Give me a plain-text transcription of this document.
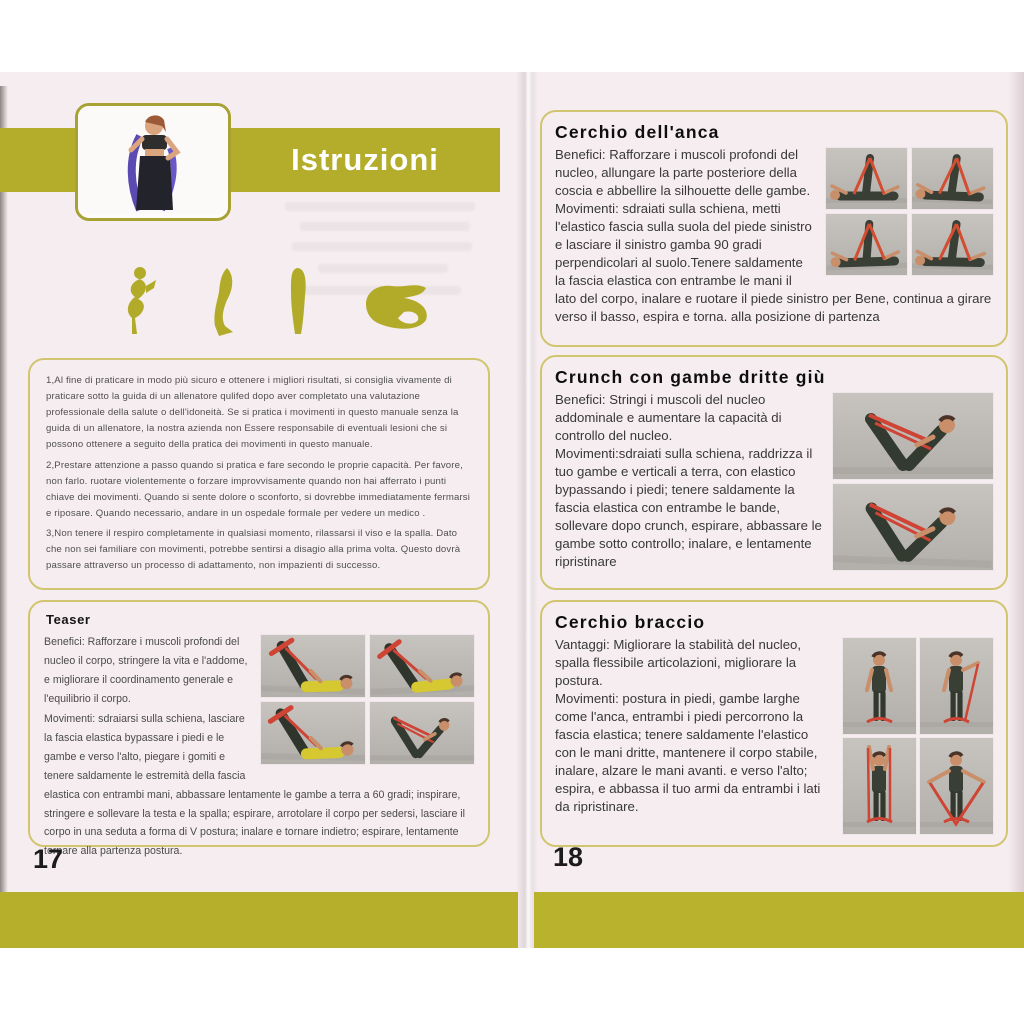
Istruzioni

1,Al fine di praticare in modo più sicuro e ottenere i migliori risultati, si consiglia vivamente di praticare sotto la guida di un allenatore qulifed dopo aver completato una valutazione professionale della salute o dell'idoneità. Se si pratica i movimenti in questo manuale senza la guida di un allenatore, la nostra azienda non Essere responsabile di eventuali lesioni che si possono ottenere a seguito della pratica dei movimenti in questo manuale.

2,Prestare attenzione a passo quando si pratica e fare secondo le proprie capacità. Per favore, non farlo. ruotare violentemente o forzare improvvisamente quando non hai afferrato i punti chiave dei movimenti. Quando si sente dolore o sconforto, si dovrebbe immediatamente fermarsi e riposare. Quando necessario, andare in un ospedale formale per vedere un medico .

3,Non tenere il respiro completamente in qualsiasi momento, rilassarsi il viso e la spalla. Dato che non sei familiare con movimenti, potrebbe sentirsi a disagio alla prima volta. Questo dovrà passare attraverso un processo di adattamento, non impazienti di successo.

Teaser

Benefici: Rafforzare i muscoli profondi del nucleo il corpo, stringere la vita e l'addome, e migliorare il coordinamento generale e l'equilibrio il corpo.

Movimenti: sdraiarsi sulla schiena, lasciare la fascia elastica bypassare i piedi e le gambe e verso l'alto, piegare i gomiti e tenere saldamente le estremità della fascia elastica con entrambi mani, abbassare lentamente le gambe a terra a 60 gradi; inspirare, stringere e sollevare la testa e la spalla; espirare, arrotolare il corpo per sedersi, lasciare il corpo in una seduta a forma di V postura; inalare e tornare indietro; espirare, lentamente tornare alla partenza postura.

17
Cerchio dell'anca

Benefici: Rafforzare i muscoli profondi del nucleo, allungare la parte posteriore della coscia e abbellire la silhouette delle gambe.

Movimenti: sdraiati sulla schiena, metti l'elastico fascia sulla suola del piede sinistro e lasciare il sinistro gamba 90 gradi perpendicolari al suolo.Tenere saldamente la fascia elastica con entrambe le mani il lato del corpo, inalare e ruotare il piede sinistro per Bene, continua a girare verso il basso, espira e torna. alla posizione di partenza

Crunch con gambe dritte giù

Benefici: Stringi i muscoli del nucleo addominale e aumentare la capacità di controllo del nucleo.

Movimenti:sdraiati sulla schiena, raddrizza il tuo gambe e verticali a terra, con elastico bypassando i piedi; tenere saldamente la fascia elastica con entrambe le bande, sollevare dopo crunch, espirare, abbassare le gambe sotto controllo; inalare, e lentamente ripristinare

Cerchio braccio

Vantaggi: Migliorare la stabilità del nucleo, spalla flessibile articolazioni, migliorare la postura.

Movimenti: postura in piedi, gambe larghe come l'anca, entrambi i piedi percorrono la fascia elastica; tenere saldamente l'elastico con le mani dritte, mantenere il corpo stabile, inalare, alzare le mani avanti. e verso l'alto; espira, e abbassa il tuo armi da entrambi i lati da ripristinare.

18
